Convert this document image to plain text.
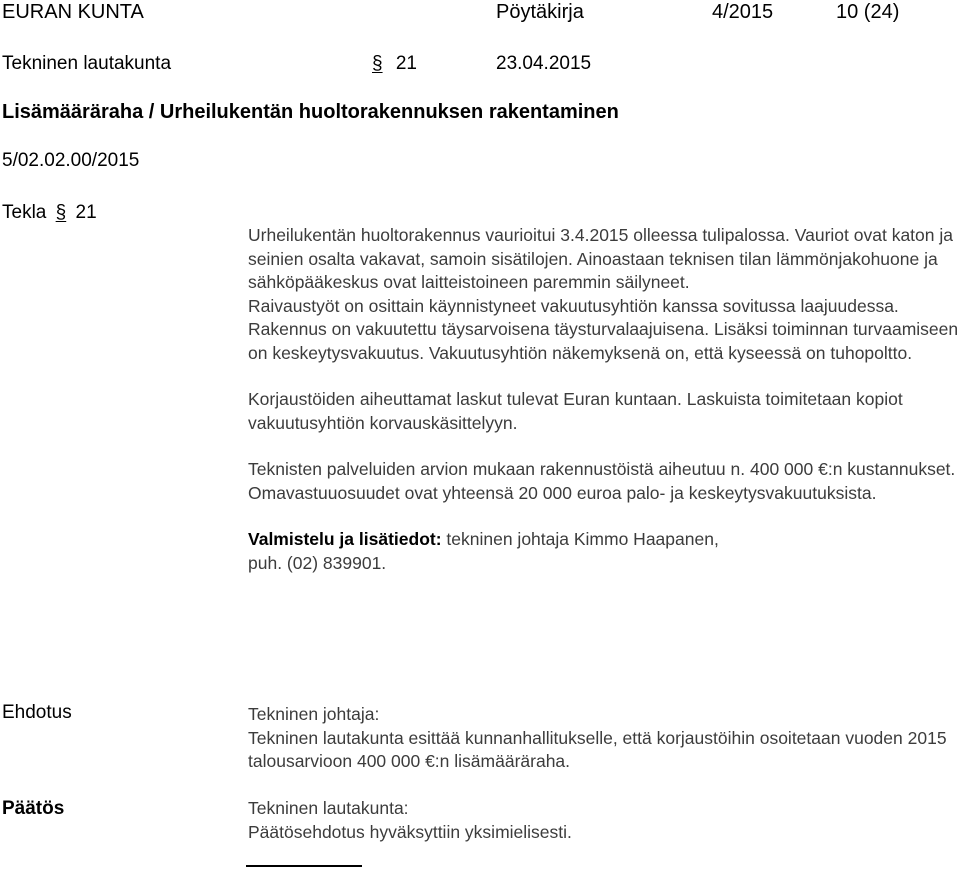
EURAN KUNTA	Pöytäkirja	4/2015	10 (24)
Tekninen lautakunta	§ 21	23.04.2015
Lisämääräraha / Urheilukentän huoltorakennuksen rakentaminen
5/02.02.00/2015
Tekla § 21

Urheilukentän huoltorakennus vaurioitui 3.4.2015 olleessa tulipalossa. Vauriot ovat katon ja seinien osalta vakavat, samoin sisätilojen. Ainoastaan teknisen tilan lämmönjakohuone ja sähköpääkeskus ovat laitteistoineen paremmin säilyneet.

Raivaustyöt on osittain käynnistyneet vakuutusyhtiön kanssa sovitussa laajuudessa.

Rakennus on vakuutettu täysarvoisena täysturvalaajuisena. Lisäksi toiminnan turvaamiseen on keskeytysvakuutus. Vakuutusyhtiön näkemyksenä on, että kyseessä on tuhopoltto.

Korjaustöiden aiheuttamat laskut tulevat Euran kuntaan. Laskuista toimitetaan kopiot vakuutusyhtiön korvauskäsittelyyn.

Teknisten palveluiden arvion mukaan rakennustöistä aiheutuu n. 400 000 €:n kustannukset. Omavastuuosuudet ovat yhteensä 20 000 euroa palo- ja keskeytysvakuutuksista.

Valmistelu ja lisätiedot: tekninen johtaja Kimmo Haapanen,

puh. (02) 839901.

Ehdotus	Tekninen johtaja:

Tekninen lautakunta esittää kunnanhallitukselle, että korjaustöihin osoitetaan vuoden 2015 talousarvioon 400 000 €:n lisämääräraha.

Päätös	Tekninen lautakunta:

Päätösehdotus hyväksyttiin yksimielisesti.
